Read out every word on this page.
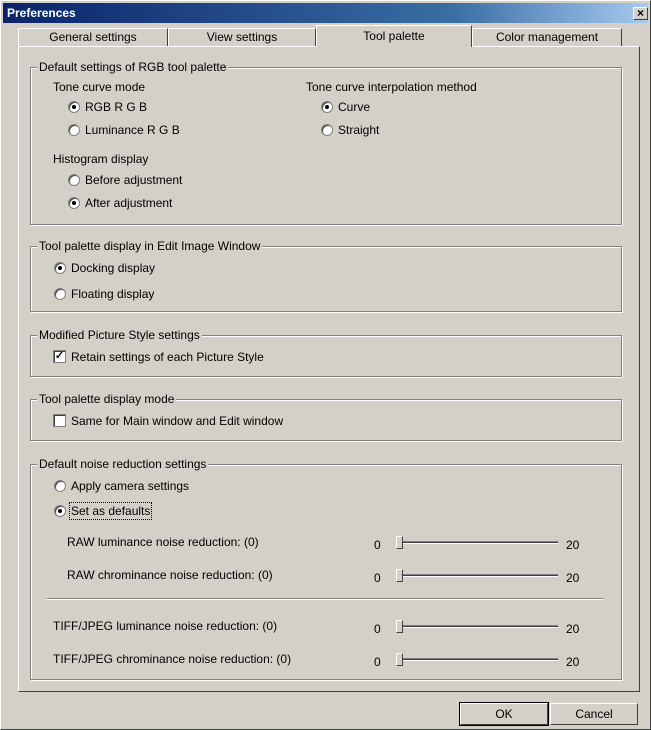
Preferences	×
General settings	View settings	Tool palette	Color management
Default settings of RGB tool palette
Tone curve mode
RGB R G B
Luminance R G B
Tone curve interpolation method
Curve
Straight
Histogram display
Before adjustment
After adjustment
Tool palette display in Edit Image Window
Docking display
Floating display
Modified Picture Style settings
✓ Retain settings of each Picture Style
Tool palette display mode
Same for Main window and Edit window
Default noise reduction settings
Apply camera settings
Set as defaults
RAW luminance noise reduction: (0)	0	20
RAW chrominance noise reduction: (0)	0	20
TIFF/JPEG luminance noise reduction: (0)	0	20
TIFF/JPEG chrominance noise reduction: (0)	0	20
OK	Cancel
